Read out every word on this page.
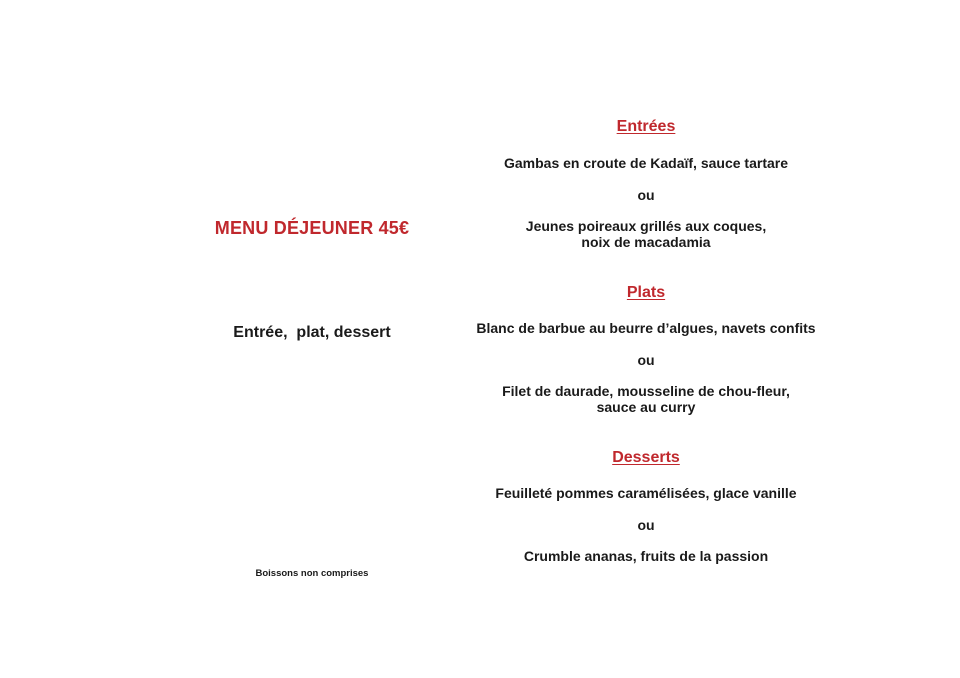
MENU DÉJEUNER 45€
Entrée,  plat, dessert
Boissons non comprises
Entrées
Gambas en croute de Kadaïf, sauce tartare
ou
Jeunes poireaux grillés aux coques,
noix de macadamia
Plats
Blanc de barbue au beurre d’algues, navets confits
ou
Filet de daurade, mousseline de chou-fleur,
sauce au curry
Desserts
Feuilleté pommes caramélisées, glace vanille
ou
Crumble ananas, fruits de la passion
